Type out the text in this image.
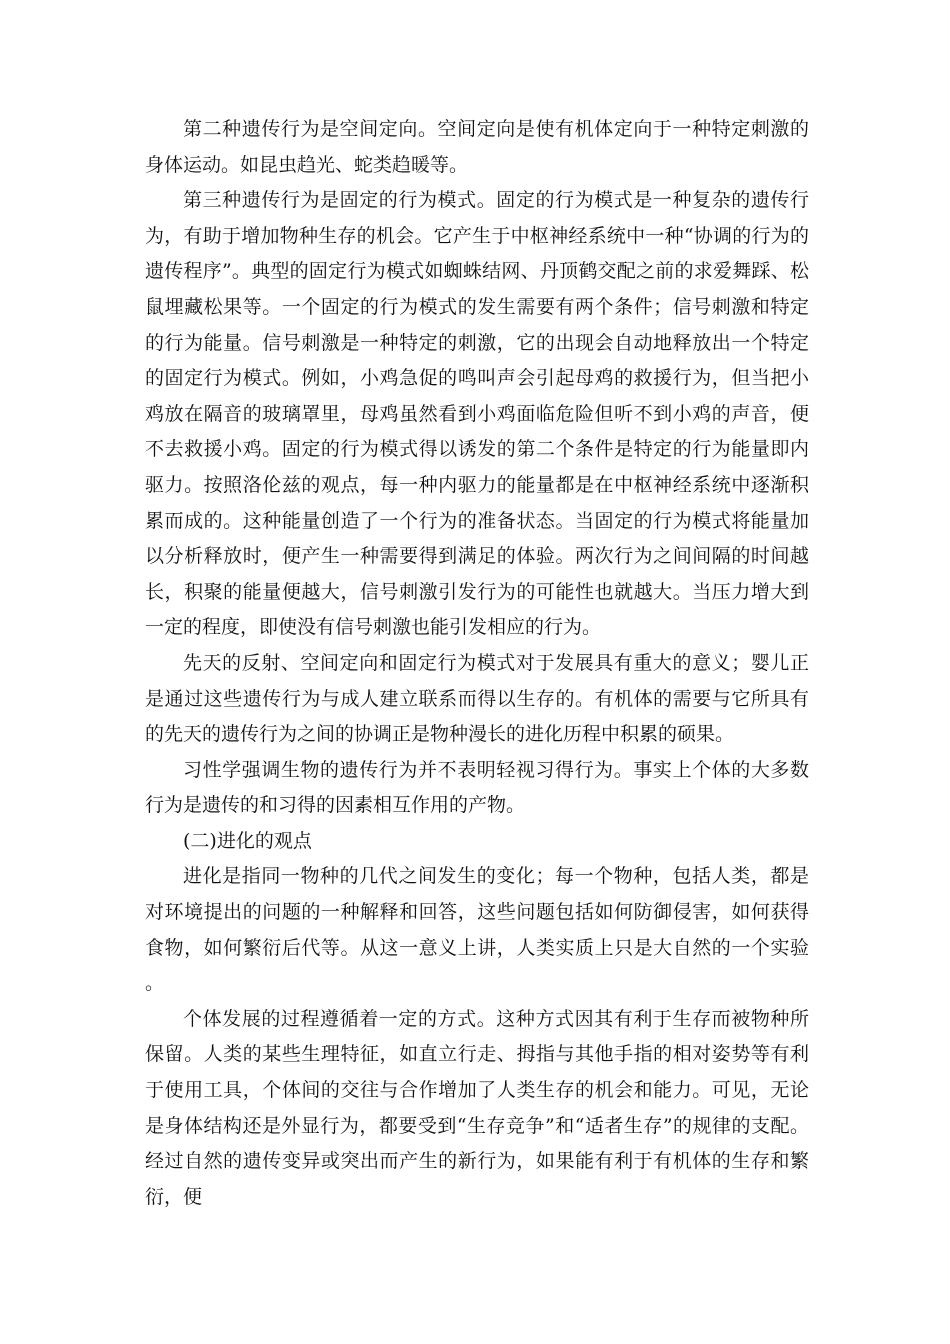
第二种遗传行为是空间定向。空间定向是使有机体定向于一种特定刺激的身体运动。如昆虫趋光、蛇类趋暖等。

第三种遗传行为是固定的行为模式。固定的行为模式是一种复杂的遗传行为，有助于增加物种生存的机会。它产生于中枢神经系统中一种“协调的行为的遗传程序”。典型的固定行为模式如蜘蛛结网、丹顶鹤交配之前的求爱舞踩、松鼠埋藏松果等。一个固定的行为模式的发生需要有两个条件；信号刺激和特定的行为能量。信号刺激是一种特定的刺激，它的出现会自动地释放出一个特定的固定行为模式。例如，小鸡急促的鸣叫声会引起母鸡的救援行为，但当把小鸡放在隔音的玻璃罩里，母鸡虽然看到小鸡面临危险但听不到小鸡的声音，便不去救援小鸡。固定的行为模式得以诱发的第二个条件是特定的行为能量即内驱力。按照洛伦兹的观点，每一种内驱力的能量都是在中枢神经系统中逐渐积累而成的。这种能量创造了一个行为的准备状态。当固定的行为模式将能量加以分析释放时，便产生一种需要得到满足的体验。两次行为之间间隔的时间越长，积聚的能量便越大，信号刺激引发行为的可能性也就越大。当压力增大到一定的程度，即使没有信号刺激也能引发相应的行为。

先天的反射、空间定向和固定行为模式对于发展具有重大的意义；婴儿正是通过这些遗传行为与成人建立联系而得以生存的。有机体的需要与它所具有的先天的遗传行为之间的协调正是物种漫长的进化历程中积累的硕果。

习性学强调生物的遗传行为并不表明轻视习得行为。事实上个体的大多数行为是遗传的和习得的因素相互作用的产物。

(二)进化的观点

进化是指同一物种的几代之间发生的变化；每一个物种，包括人类，都是对环境提出的问题的一种解释和回答，这些问题包括如何防御侵害，如何获得食物，如何繁衍后代等。从这一意义上讲，人类实质上只是大自然的一个实验。

个体发展的过程遵循着一定的方式。这种方式因其有利于生存而被物种所保留。人类的某些生理特征，如直立行走、拇指与其他手指的相对姿势等有利于使用工具，个体间的交往与合作增加了人类生存的机会和能力。可见，无论是身体结构还是外显行为，都要受到“生存竞争”和“适者生存”的规律的支配。经过自然的遗传变异或突出而产生的新行为，如果能有利于有机体的生存和繁衍，便
